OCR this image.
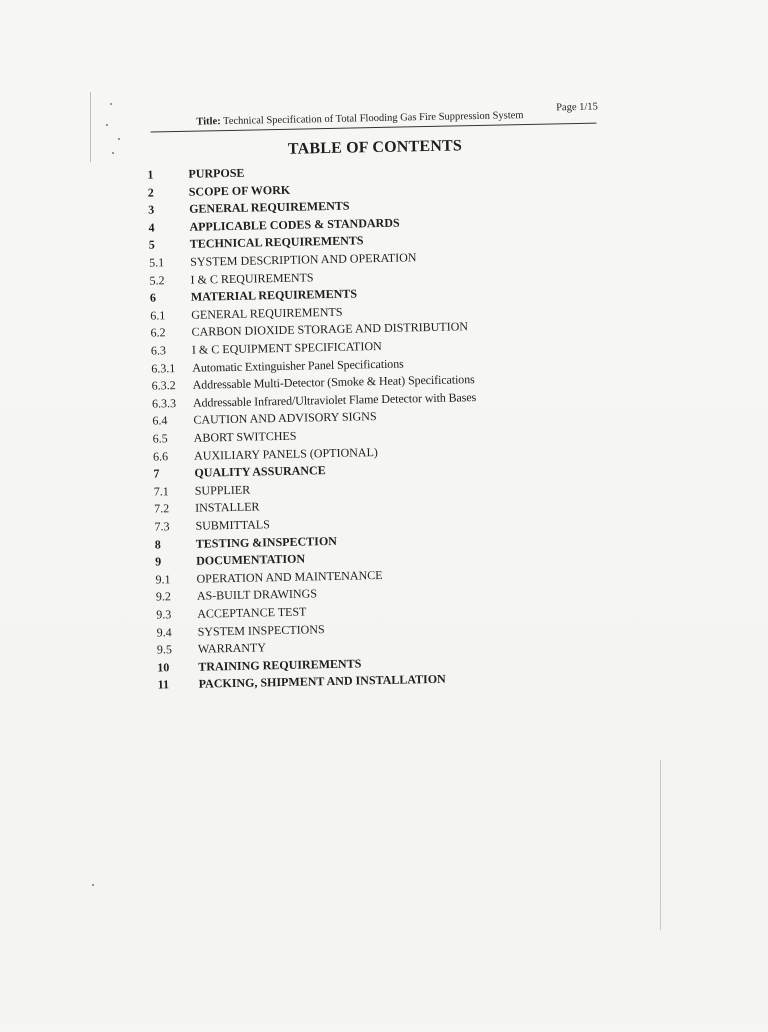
Title: Technical Specification of Total Flooding Gas Fire Suppression System
Page 1/15
TABLE OF CONTENTS
1	PURPOSE
2	SCOPE OF WORK
3	GENERAL REQUIREMENTS
4	APPLICABLE CODES & STANDARDS
5	TECHNICAL REQUIREMENTS
5.1 SYSTEM DESCRIPTION AND OPERATION
5.2 I & C REQUIREMENTS
6	MATERIAL REQUIREMENTS
6.1 GENERAL REQUIREMENTS
6.2 CARBON DIOXIDE STORAGE AND DISTRIBUTION
6.3 I & C EQUIPMENT SPECIFICATION
6.3.1 Automatic Extinguisher Panel Specifications
6.3.2 Addressable Multi-Detector (Smoke & Heat) Specifications
6.3.3 Addressable Infrared/Ultraviolet Flame Detector with Bases
6.4 CAUTION AND ADVISORY SIGNS
6.5 ABORT SWITCHES
6.6 AUXILIARY PANELS (OPTIONAL)
7	QUALITY ASSURANCE
7.1 SUPPLIER
7.2 INSTALLER
7.3 SUBMITTALS
8	TESTING &INSPECTION
9	DOCUMENTATION
9.1 OPERATION AND MAINTENANCE
9.2 AS-BUILT DRAWINGS
9.3 ACCEPTANCE TEST
9.4 SYSTEM INSPECTIONS
9.5 WARRANTY
10 TRAINING REQUIREMENTS
11 PACKING, SHIPMENT AND INSTALLATION
